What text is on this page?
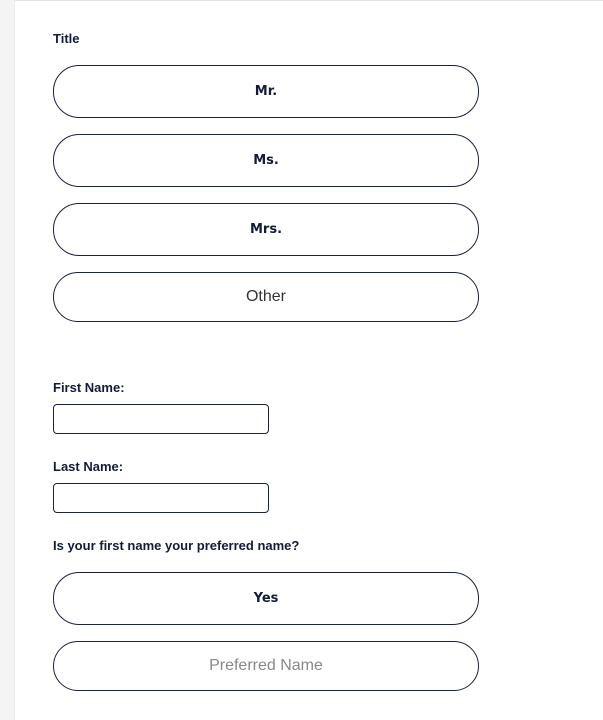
Title
Mr.
Ms.
Mrs.
Other
First Name:
Last Name:
Is your first name your preferred name?
Yes
Preferred Name
